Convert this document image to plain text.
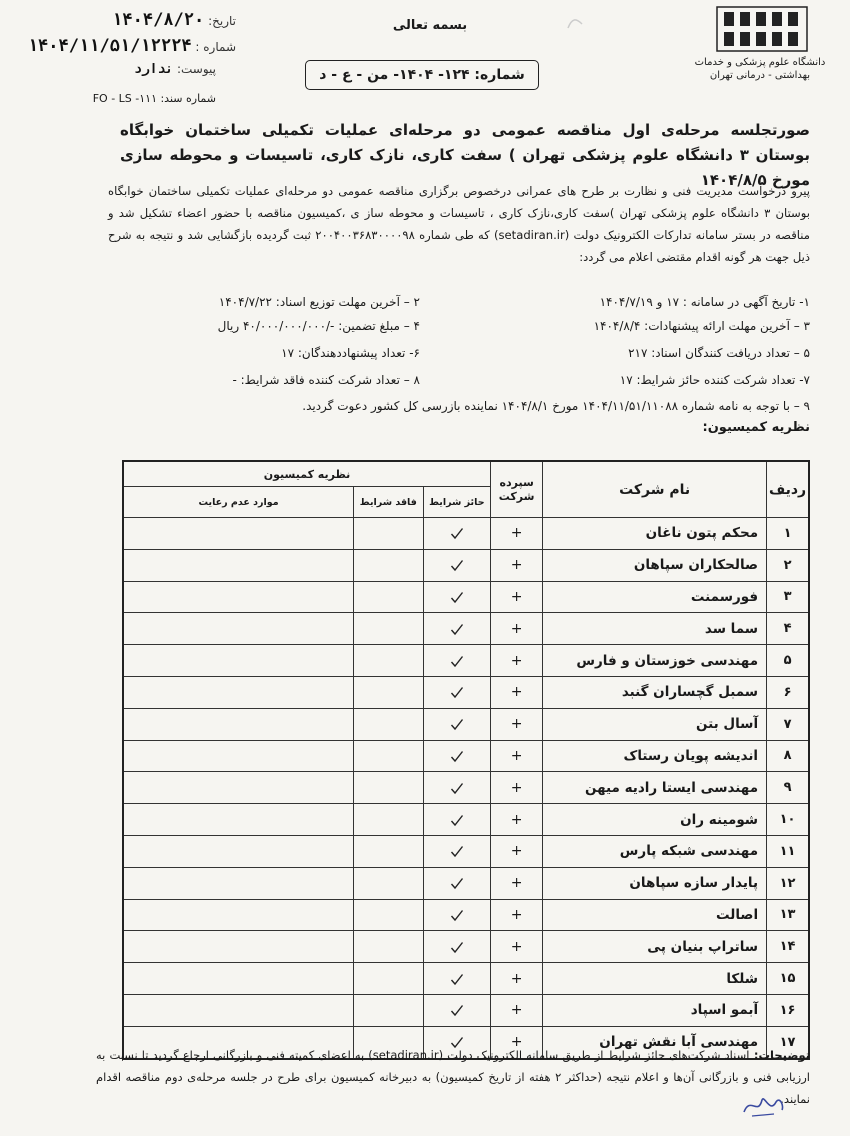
دانشگاه علوم پزشکی و خدمات
بهداشتی - درمانی تهران
بسمه تعالی
شماره: ۱۲۴- ۱۴۰۴- من - ع - د
تاریخ: ۱۴۰۴/۸/۲۰
شماره : ۱۴۰۴/۱۱/۵۱/۱۲۲۲۴
پیوست: ندارد
شماره سند: ۱۱۱- FO - LS
صورتجلسه مرحله‌ی اول مناقصه عمومی دو مرحله‌ای عملیات تکمیلی ساختمان خوابگاه بوستان ۳ دانشگاه علوم پزشکی تهران ) سفت کاری، نازک کاری، تاسیسات و محوطه سازی مورخ ۱۴۰۴/۸/۵
پیرو درخواست مدیریت فنی و نظارت بر طرح های عمرانی درخصوص برگزاری مناقصه عمومی دو مرحله‌ای عملیات تکمیلی ساختمان خوابگاه بوستان ۳ دانشگاه علوم پزشکی تهران )سفت کاری،نازک کاری ، تاسیسات و محوطه ساز ی ،کمیسیون مناقصه با حضور اعضاء تشکیل شد و مناقصه در بستر سامانه تدارکات الکترونیک دولت (setadiran.ir) که طی شماره ۲۰۰۴۰۰۳۶۸۳۰۰۰۰۹۸ ثبت گردیده بازگشایی شد و نتیجه به شرح ذیل جهت هر گونه اقدام مقتضی اعلام می گردد:
۱- تاریخ آگهی در سامانه : ۱۷ و ۱۴۰۴/۷/۱۹
۲ – آخرین مهلت توزیع اسناد: ۱۴۰۴/۷/۲۲
۳ – آخرین مهلت ارائه پیشنهادات: ۱۴۰۴/۸/۴
۴ – مبلغ تضمین: -/۴۰/۰۰۰/۰۰۰/۰۰۰ ریال
۵ – تعداد دریافت کنندگان اسناد: ۲۱۷
۶- تعداد پیشنهاددهندگان: ۱۷
۷- تعداد شرکت کننده حائز شرایط: ۱۷
۸ – تعداد شرکت کننده فاقد شرایط: -
۹ – با توجه به نامه شماره ۱۴۰۴/۱۱/۵۱/۱۱۰۸۸ مورخ ۱۴۰۴/۸/۱ نماینده بازرسی کل کشور دعوت گردید.
نظریه کمیسیون:
ردیف	نام شرکت	سپرده شرکت	نظریه کمیسیون		
			حائز شرایط	فاقد شرایط	موارد عدم رعایت
۱	محکم پتون ناغان	+			
۲	صالحکاران سپاهان	+			
۳	فورسمنت	+			
۴	سما سد	+			
۵	مهندسی خوزستان و فارس	+			
۶	سمبل گچساران گنبد	+			
۷	آسال بتن	+			
۸	اندیشه پویان رستاک	+			
۹	مهندسی ایستا رادیه میهن	+			
۱۰	شومینه ران	+			
۱۱	مهندسی شبکه پارس	+			
۱۲	پایدار سازه سپاهان	+			
۱۳	اصالت	+			
۱۴	ساتراپ بنیان پی	+			
۱۵	شلکا	+			
۱۶	آبمو اسپاد	+			
۱۷	مهندسی آبا نقش تهران	+			
توضیحات: اسناد شرکت‌های حائز شرایط از طریق سامانه الکترونیک دولت (setadiran.ir) به اعضای کمیته فنی و بازرگانی ارجاع گردید تا نسبت به ارزیابی فنی و بازرگانی آن‌ها و اعلام نتیجه (حداکثر ۲ هفته از تاریخ کمیسیون) به دبیرخانه کمیسیون برای طرح در جلسه مرحله‌ی دوم مناقصه اقدام نمایند.
